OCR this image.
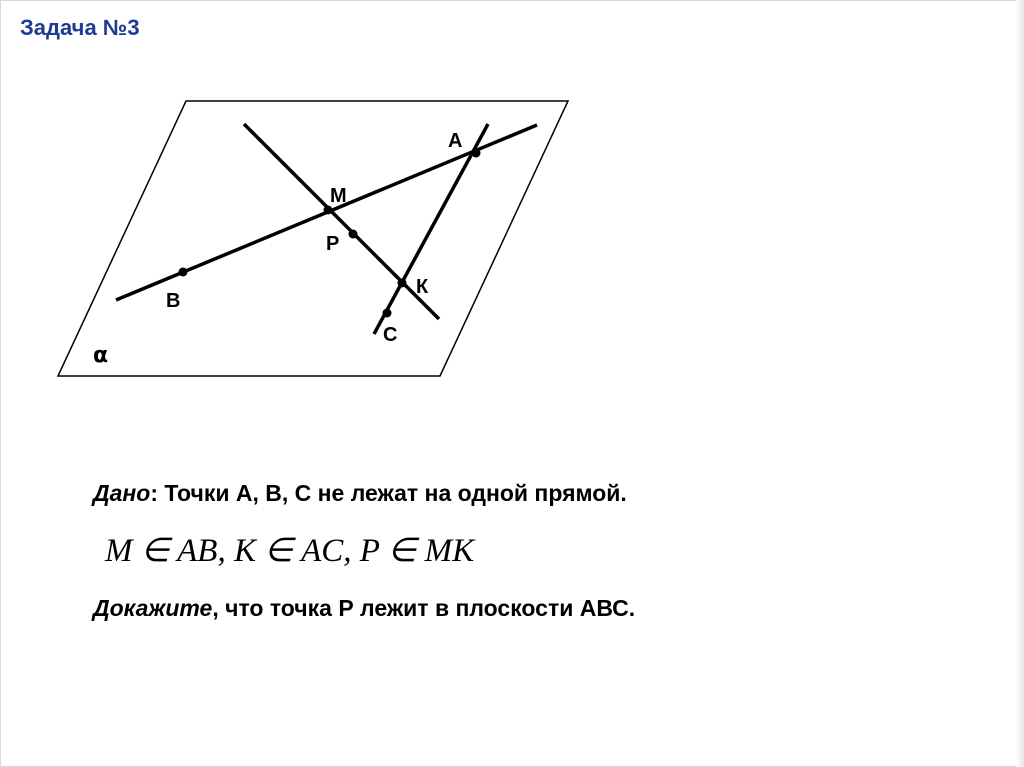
Задача №3
A
M
P
К
B
C
α
Дано: Точки А, В, С не лежат на одной прямой.
M ∈ AB, К ∈ AC, P ∈ MК
Докажите, что точка Р лежит в плоскости АВС.
